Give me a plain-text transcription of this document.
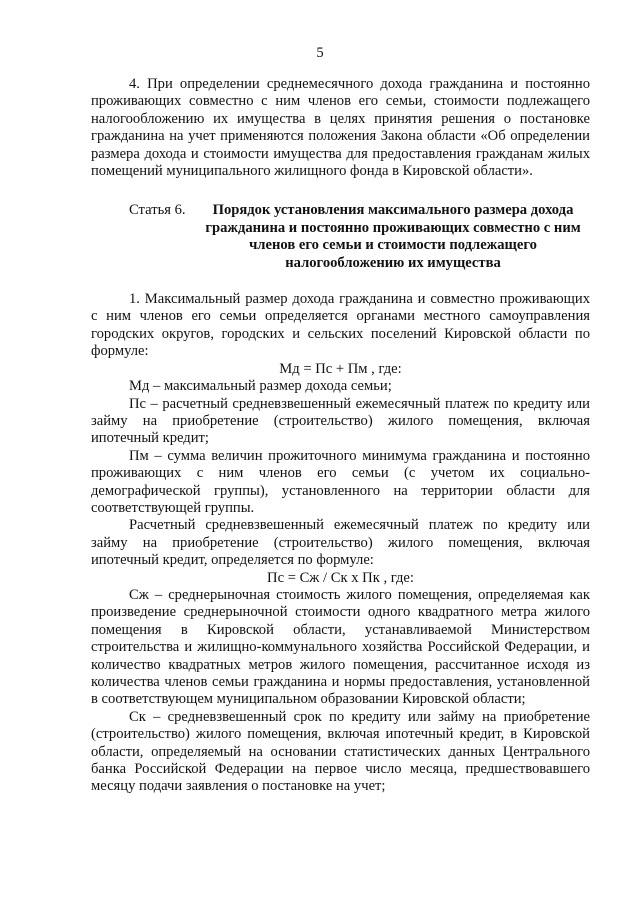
5

4. При определении среднемесячного дохода гражданина и постоянно проживающих совместно с ним членов его семьи, стоимости подлежащего налогообложению их имущества в целях принятия решения о постановке гражданина на учет применяются положения Закона области «Об определении размера дохода и стоимости имущества для предоставления гражданам жилых помещений муниципального жилищного фонда в Кировской области».

Статья 6.	Порядок установления максимального размера дохода гражданина и постоянно проживающих совместно с ним членов его семьи и стоимости подлежащего налогообложению их имущества

1. Максимальный размер дохода гражданина и совместно проживающих с ним членов его семьи определяется органами местного самоуправления городских округов, городских и сельских поселений Кировской области по формуле:

Мд = Пс + Пм , где:

Мд – максимальный размер дохода семьи;

Пс – расчетный средневзвешенный ежемесячный платеж по кредиту или займу на приобретение (строительство) жилого помещения, включая ипотечный кредит;

Пм – сумма величин прожиточного минимума гражданина и постоянно проживающих с ним членов его семьи (с учетом их социально-демографической группы), установленного на территории области для соответствующей группы.

Расчетный средневзвешенный ежемесячный платеж по кредиту или займу на приобретение (строительство) жилого помещения, включая ипотечный кредит, определяется по формуле:

Пс = Сж / Ск х Пк , где:

Сж – среднерыночная стоимость жилого помещения, определяемая как произведение среднерыночной стоимости одного квадратного метра жилого помещения в Кировской области, устанавливаемой Министерством строительства и жилищно-коммунального хозяйства Российской Федерации, и количество квадратных метров жилого помещения, рассчитанное исходя из количества членов семьи гражданина и нормы предоставления, установленной в соответствующем муниципальном образовании Кировской области;

Ск – средневзвешенный срок по кредиту или займу на приобретение (строительство) жилого помещения, включая ипотечный кредит, в Кировской области, определяемый на основании статистических данных Центрального банка Российской Федерации на первое число месяца, предшествовавшего месяцу подачи заявления о постановке на учет;
